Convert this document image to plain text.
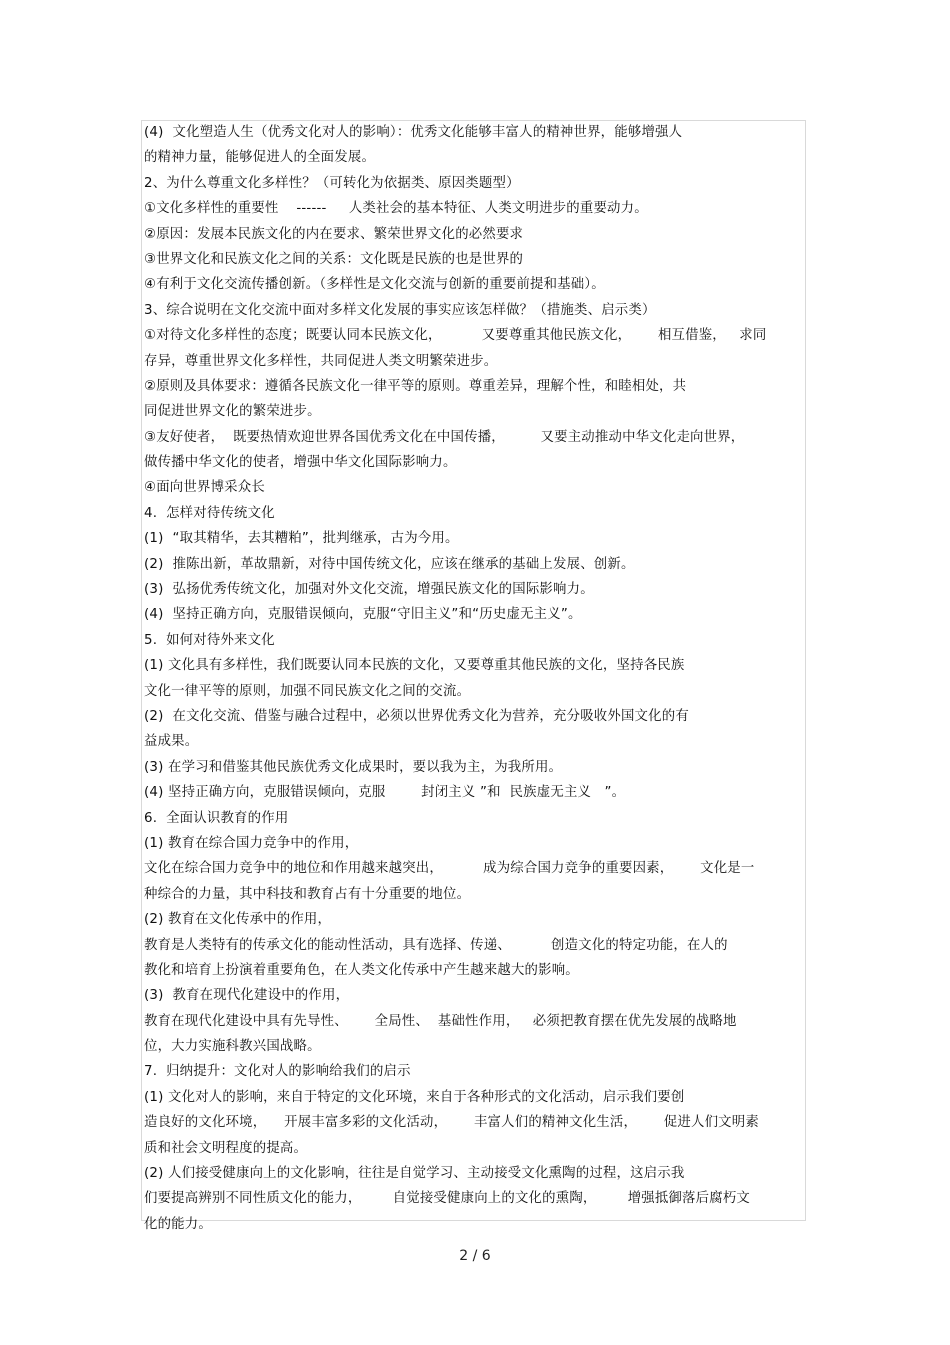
(4)  文化塑造人生（优秀文化对人的影响）：优秀文化能够丰富人的精神世界，能够增强人
的精神力量，能够促进人的全面发展。
2、为什么尊重文化多样性？（可转化为依据类、原因类题型）
①文化多样性的重要性    ------     人类社会的基本特征、人类文明进步的重要动力。
②原因：发展本民族文化的内在要求、繁荣世界文化的必然要求
③世界文化和民族文化之间的关系：文化既是民族的也是世界的
④有利于文化交流传播创新。（多样性是文化交流与创新的重要前提和基础）。
3、综合说明在文化交流中面对多样文化发展的事实应该怎样做？（措施类、启示类）
①对待文化多样性的态度；既要认同本民族文化，         又要尊重其他民族文化，      相互借鉴，   求同
存异，尊重世界文化多样性，共同促进人类文明繁荣进步。
②原则及具体要求：遵循各民族文化一律平等的原则。尊重差异，理解个性，和睦相处，共
同促进世界文化的繁荣进步。
③友好使者，  既要热情欢迎世界各国优秀文化在中国传播，        又要主动推动中华文化走向世界，
做传播中华文化的使者，增强中华文化国际影响力。
④面向世界博采众长
4.  怎样对待传统文化
(1)  “取其精华，去其糟粕”，批判继承，古为今用。
(2)  推陈出新，革故鼎新，对待中国传统文化，应该在继承的基础上发展、创新。
(3)  弘扬优秀传统文化，加强对外文化交流，增强民族文化的国际影响力。
(4)  坚持正确方向，克服错误倾向，克服“守旧主义”和“历史虚无主义”。
5.  如何对待外来文化
(1) 文化具有多样性，我们既要认同本民族的文化，又要尊重其他民族的文化，坚持各民族
文化一律平等的原则，加强不同民族文化之间的交流。
(2)  在文化交流、借鉴与融合过程中，必须以世界优秀文化为营养，充分吸收外国文化的有
益成果。
(3) 在学习和借鉴其他民族优秀文化成果时，要以我为主，为我所用。
(4) 坚持正确方向，克服错误倾向，克服        封闭主义 ”和  民族虚无主义   ”。
6.  全面认识教育的作用
(1) 教育在综合国力竞争中的作用，
文化在综合国力竞争中的地位和作用越来越突出，         成为综合国力竞争的重要因素，      文化是一
种综合的力量，其中科技和教育占有十分重要的地位。
(2) 教育在文化传承中的作用，
教育是人类特有的传承文化的能动性活动，具有选择、传递、         创造文化的特定功能，在人的
教化和培育上扮演着重要角色，在人类文化传承中产生越来越大的影响。
(3)  教育在现代化建设中的作用，
教育在现代化建设中具有先导性、      全局性、  基础性作用，   必须把教育摆在优先发展的战略地
位，大力实施科教兴国战略。
7.  归纳提升：文化对人的影响给我们的启示
(1) 文化对人的影响，来自于特定的文化环境，来自于各种形式的文化活动，启示我们要创
造良好的文化环境，    开展丰富多彩的文化活动，      丰富人们的精神文化生活，      促进人们文明素
质和社会文明程度的提高。
(2) 人们接受健康向上的文化影响，往往是自觉学习、主动接受文化熏陶的过程，这启示我
们要提高辨别不同性质文化的能力，       自觉接受健康向上的文化的熏陶，       增强抵御落后腐朽文
化的能力。
2 / 6
